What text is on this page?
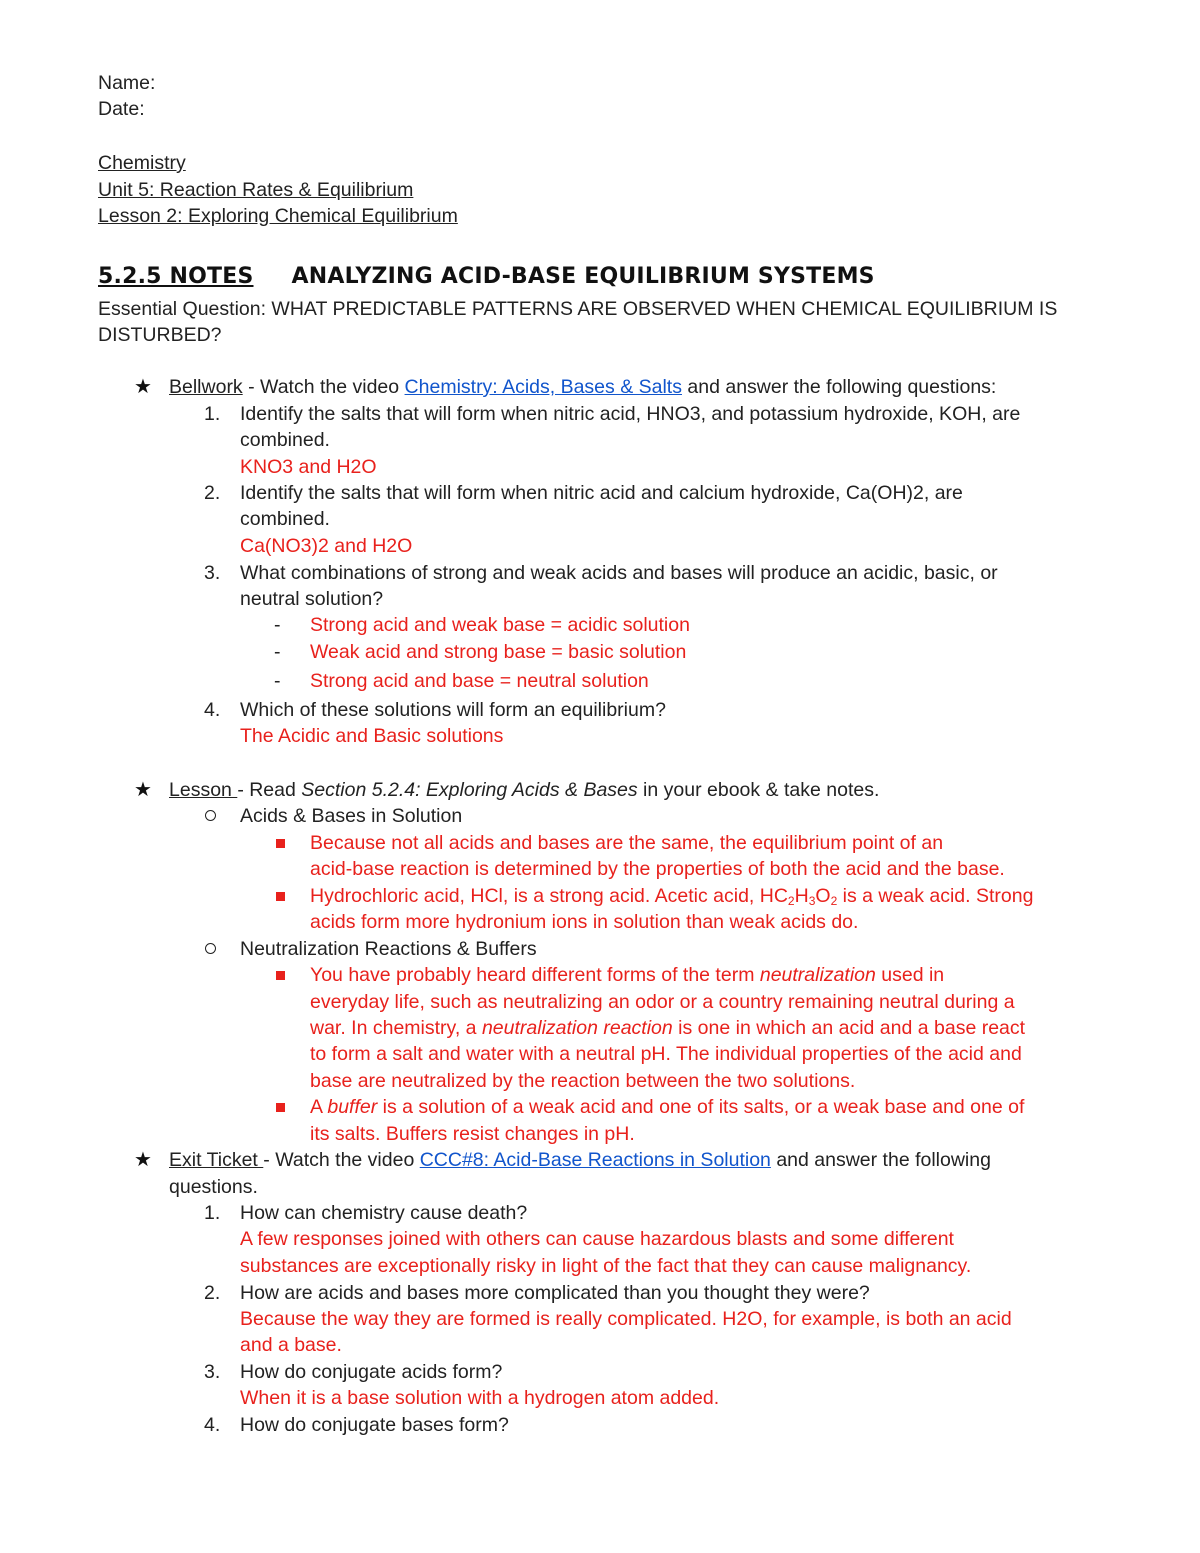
Name:
Date:
Chemistry
Unit 5: Reaction Rates & Equilibrium
Lesson 2: Exploring Chemical Equilibrium
5.2.5 NOTES ANALYZING ACID-BASE EQUILIBRIUM SYSTEMS
Essential Question: WHAT PREDICTABLE PATTERNS ARE OBSERVED WHEN CHEMICAL EQUILIBRIUM IS
DISTURBED?
★ Bellwork - Watch the video Chemistry: Acids, Bases & Salts and answer the following questions:
1. Identify the salts that will form when nitric acid, HNO3, and potassium hydroxide, KOH, are
combined.
KNO3 and H2O
2. Identify the salts that will form when nitric acid and calcium hydroxide, Ca(OH)2, are
combined.
Ca(NO3)2 and H2O
3. What combinations of strong and weak acids and bases will produce an acidic, basic, or
neutral solution?
- Strong acid and weak base = acidic solution
- Weak acid and strong base = basic solution
- Strong acid and base = neutral solution
4. Which of these solutions will form an equilibrium?
The Acidic and Basic solutions
★ Lesson - Read Section 5.2.4: Exploring Acids & Bases in your ebook & take notes.
Acids & Bases in Solution
Because not all acids and bases are the same, the equilibrium point of an
acid-base reaction is determined by the properties of both the acid and the base.
Hydrochloric acid, HCl, is a strong acid. Acetic acid, $HC_2H_3O_2$ is a weak acid. Strong
acids form more hydronium ions in solution than weak acids do.
Neutralization Reactions & Buffers
You have probably heard different forms of the term neutralization used in
everyday life, such as neutralizing an odor or a country remaining neutral during a
war. In chemistry, a neutralization reaction is one in which an acid and a base react
to form a salt and water with a neutral pH. The individual properties of the acid and
base are neutralized by the reaction between the two solutions.
A buffer is a solution of a weak acid and one of its salts, or a weak base and one of
its salts. Buffers resist changes in pH.
★ Exit Ticket - Watch the video CCC#8: Acid-Base Reactions in Solution and answer the following
questions.
1. How can chemistry cause death?
A few responses joined with others can cause hazardous blasts and some different
substances are exceptionally risky in light of the fact that they can cause malignancy.
2. How are acids and bases more complicated than you thought they were?
Because the way they are formed is really complicated. H2O, for example, is both an acid
and a base.
3. How do conjugate acids form?
When it is a base solution with a hydrogen atom added.
4. How do conjugate bases form?
